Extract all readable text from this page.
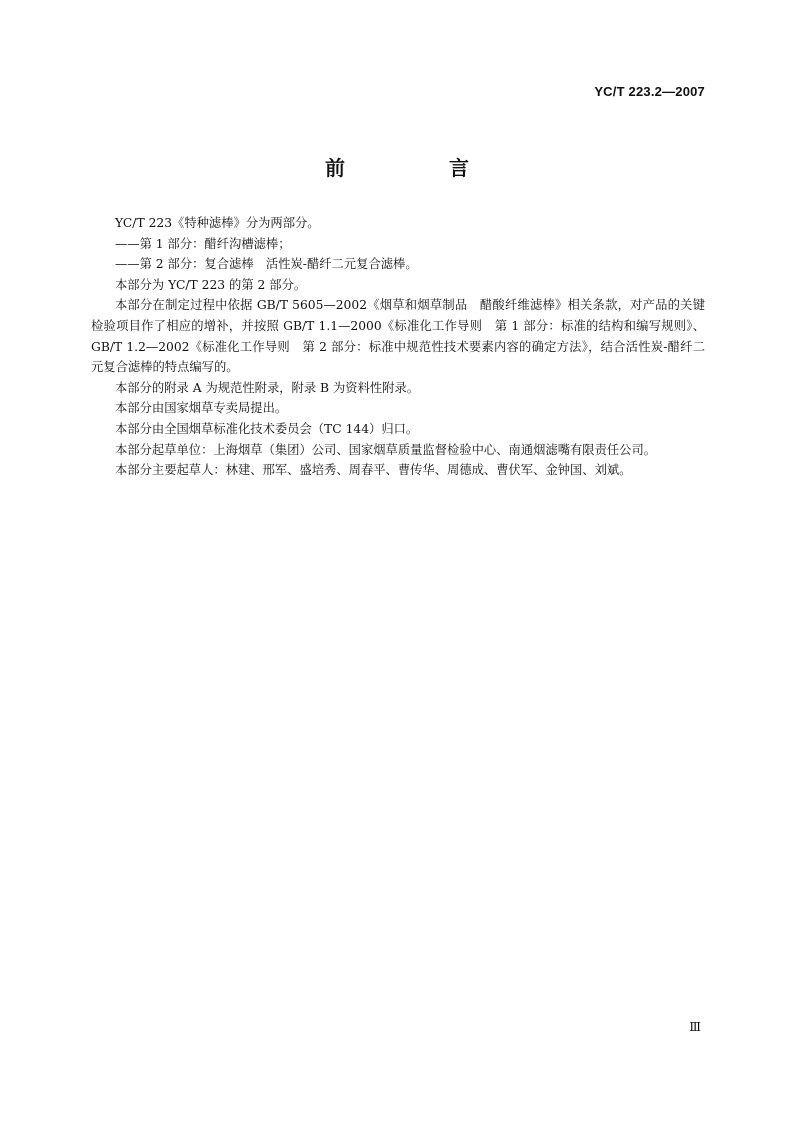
YC/T 223.2—2007
前　言

YC/T 223《特种滤棒》分为两部分。

——第 1 部分：醋纤沟槽滤棒；

——第 2 部分：复合滤棒　活性炭-醋纤二元复合滤棒。

本部分为 YC/T 223 的第 2 部分。

本部分在制定过程中依据 GB/T 5605—2002《烟草和烟草制品　醋酸纤维滤棒》相关条款，对产品的关键检验项目作了相应的增补，并按照 GB/T 1.1—2000《标准化工作导则　第 1 部分：标准的结构和编写规则》、GB/T 1.2—2002《标准化工作导则　第 2 部分：标准中规范性技术要素内容的确定方法》，结合活性炭-醋纤二元复合滤棒的特点编写的。

本部分的附录 A 为规范性附录，附录 B 为资料性附录。

本部分由国家烟草专卖局提出。

本部分由全国烟草标准化技术委员会（TC 144）归口。

本部分起草单位：上海烟草（集团）公司、国家烟草质量监督检验中心、南通烟滤嘴有限责任公司。

本部分主要起草人：林建、邢军、盛培秀、周春平、曹传华、周德成、曹伏军、金钟国、刘斌。

Ⅲ
